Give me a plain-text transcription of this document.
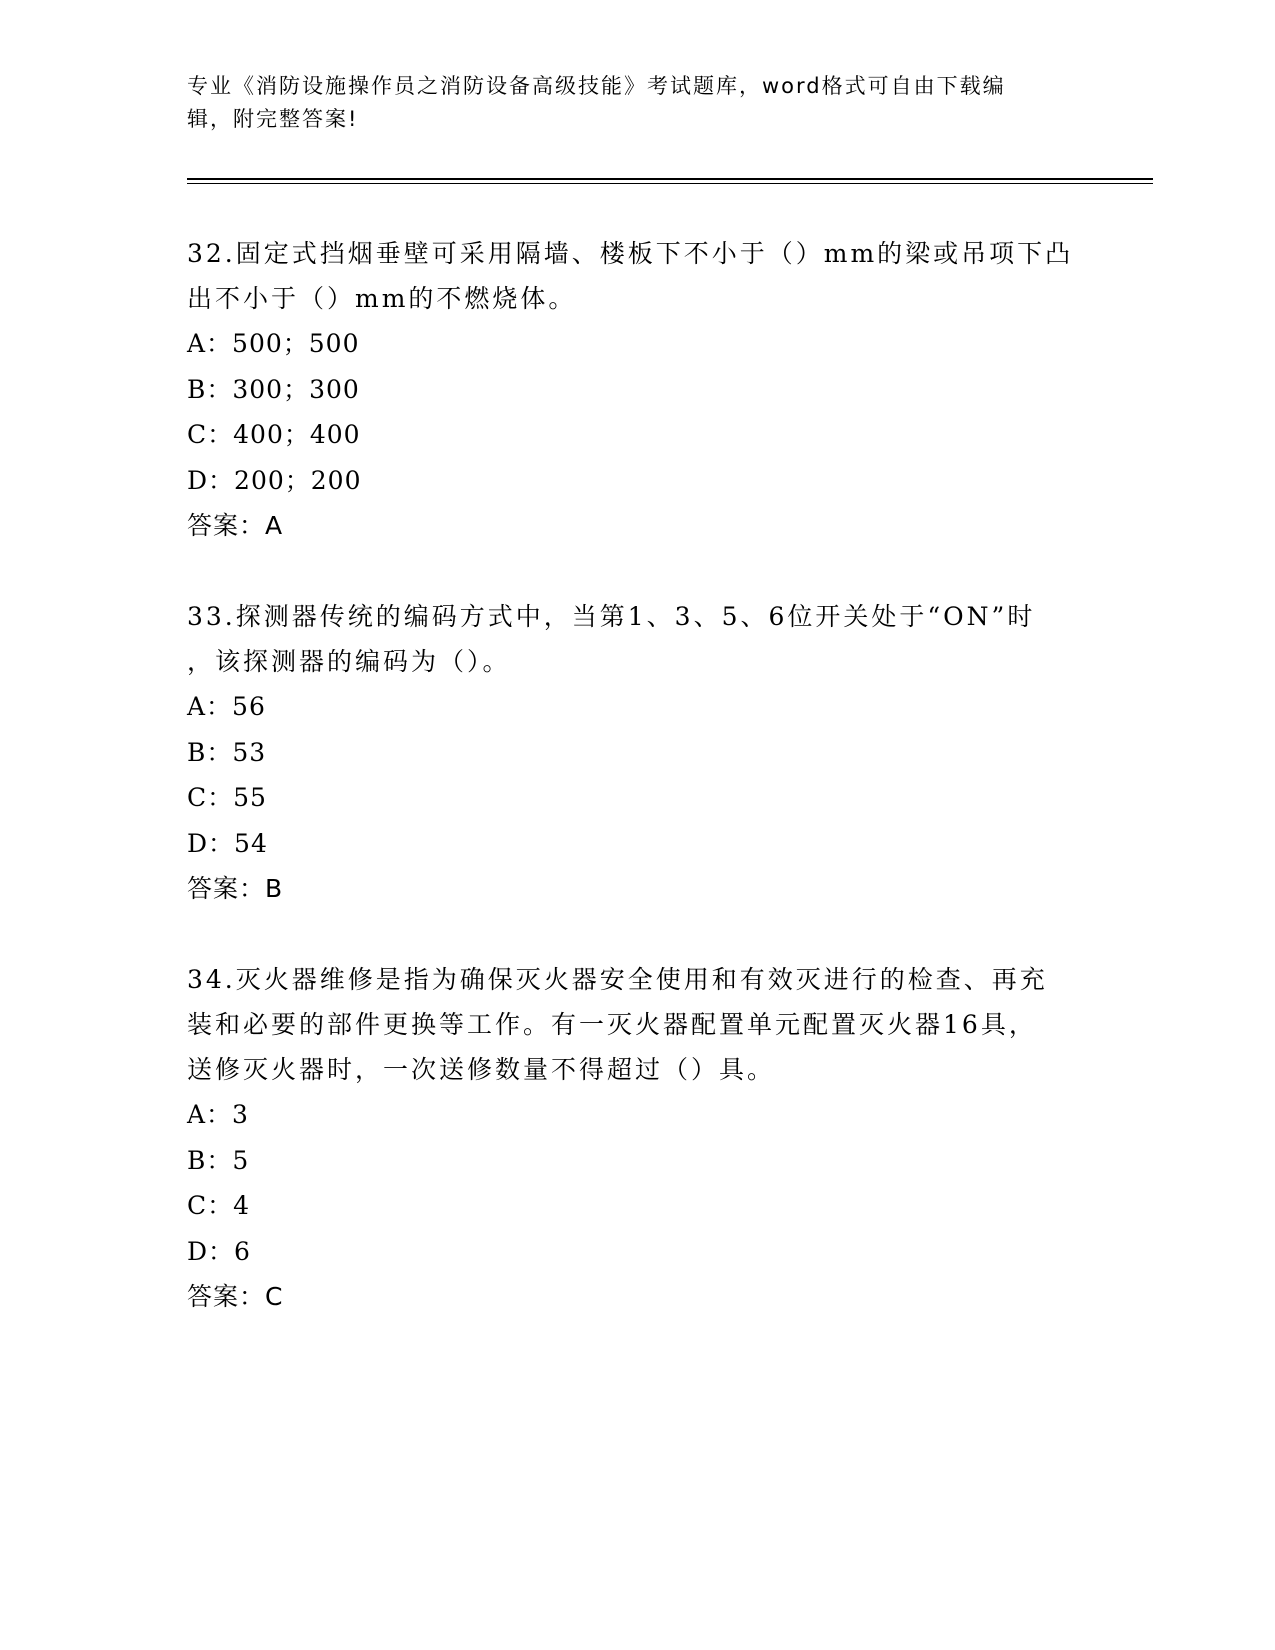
专业《消防设施操作员之消防设备高级技能》考试题库，word格式可自由下载编
辑，附完整答案!

32.固定式挡烟垂壁可采用隔墙、楼板下不小于（）mm的梁或吊项下凸

出不小于（）mm的不燃烧体。

A：500；500

B：300；300

C：400；400

D：200；200

答案：A

33.探测器传统的编码方式中，当第1、3、5、6位开关处于“ON”时

，该探测器的编码为（）。

A：56

B：53

C：55

D：54

答案：B

34.灭火器维修是指为确保灭火器安全使用和有效灭进行的检查、再充

装和必要的部件更换等工作。有一灭火器配置单元配置灭火器16具，

送修灭火器时，一次送修数量不得超过（）具。

A：3

B：5

C：4

D：6

答案：C
